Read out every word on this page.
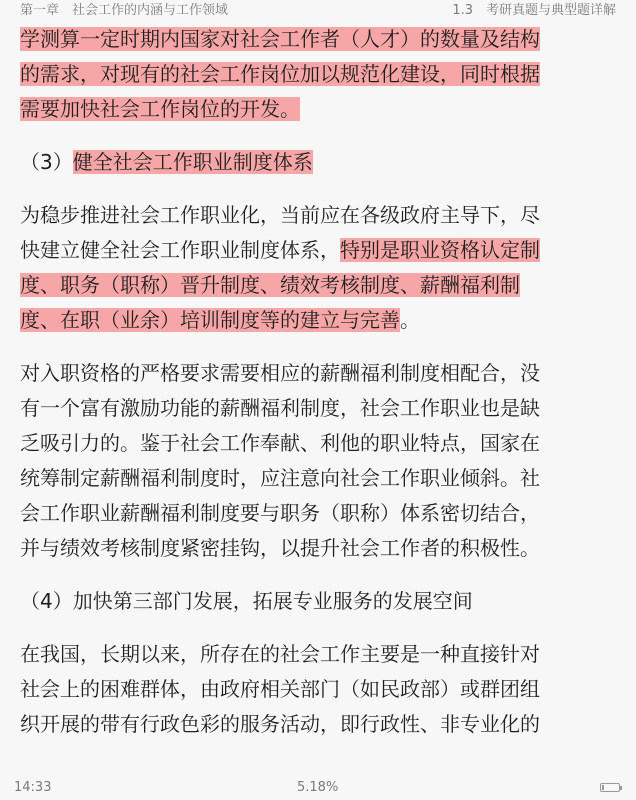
第一章　社会工作的内涵与工作领域	1.3　考研真题与典型题详解
学测算一定时期内国家对社会工作者（人才）的数量及结构
的需求，对现有的社会工作岗位加以规范化建设，同时根据
需要加快社会工作岗位的开发。
（3）健全社会工作职业制度体系
为稳步推进社会工作职业化，当前应在各级政府主导下，尽
快建立健全社会工作职业制度体系，特别是职业资格认定制
度、职务（职称）晋升制度、绩效考核制度、薪酬福利制
度、在职（业余）培训制度等的建立与完善。
对入职资格的严格要求需要相应的薪酬福利制度相配合，没
有一个富有激励功能的薪酬福利制度，社会工作职业也是缺
乏吸引力的。鉴于社会工作奉献、利他的职业特点，国家在
统筹制定薪酬福利制度时，应注意向社会工作职业倾斜。社
会工作职业薪酬福利制度要与职务（职称）体系密切结合，
并与绩效考核制度紧密挂钩，以提升社会工作者的积极性。
（4）加快第三部门发展，拓展专业服务的发展空间
在我国，长期以来，所存在的社会工作主要是一种直接针对
社会上的困难群体，由政府相关部门（如民政部）或群团组
织开展的带有行政色彩的服务活动，即行政性、非专业化的
14:33	5.18%
